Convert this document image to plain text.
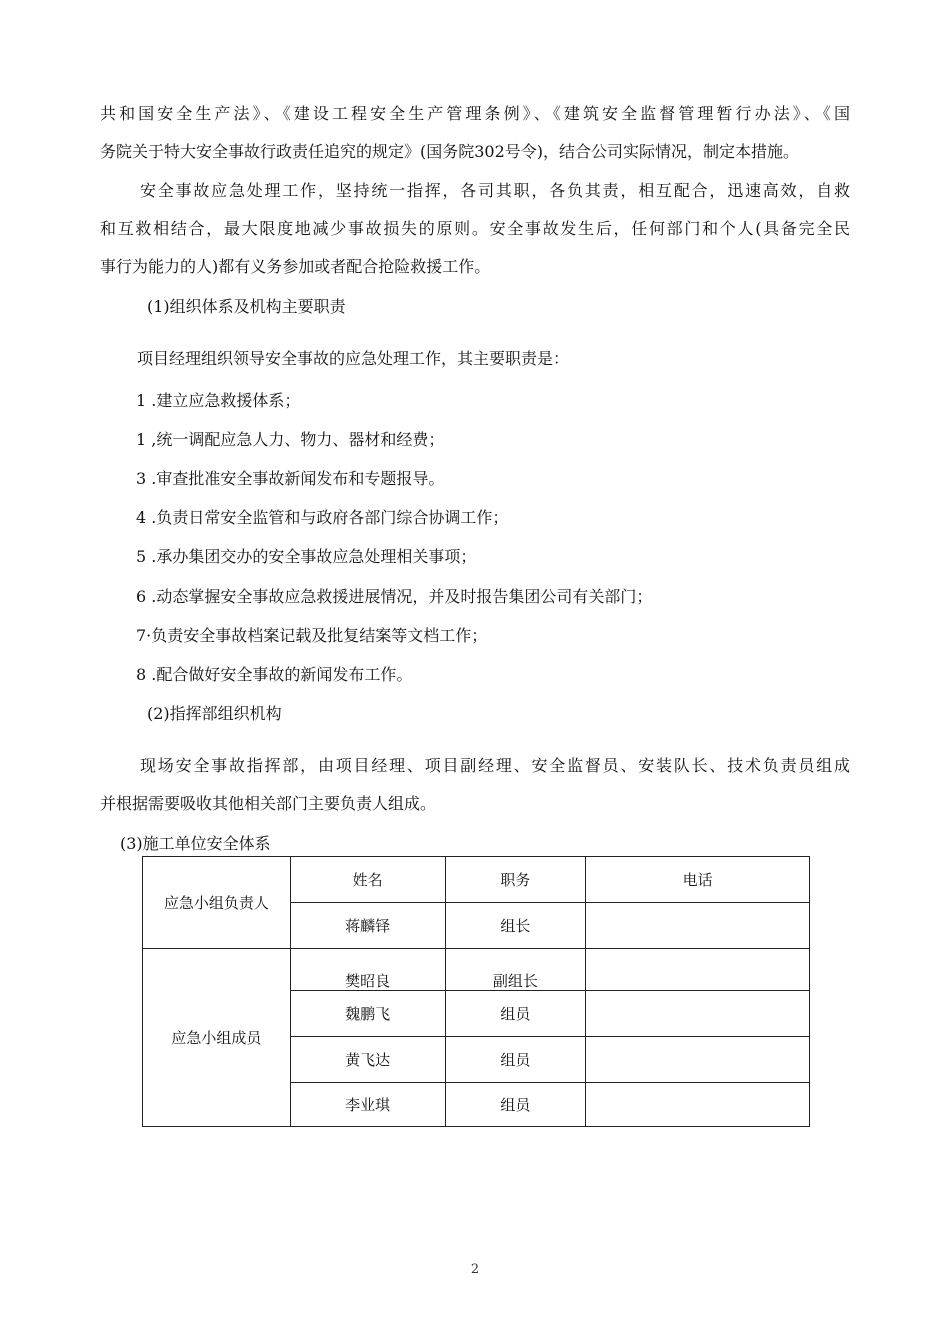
共和国安全生产法》、《建设工程安全生产管理条例》、《建筑安全监督管理暂行办法》、《国
务院关于特大安全事故行政责任追究的规定》(国务院302号令)，结合公司实际情况，制定本措施。
安全事故应急处理工作，坚持统一指挥，各司其职，各负其责，相互配合，迅速高效，自救
和互救相结合，最大限度地减少事故损失的原则。安全事故发生后，任何部门和个人(具备完全民
事行为能力的人)都有义务参加或者配合抢险救援工作。
(1)组织体系及机构主要职责
项目经理组织领导安全事故的应急处理工作，其主要职责是：
1 .建立应急救援体系；
1 ,统一调配应急人力、物力、器材和经费；
3 .审查批准安全事故新闻发布和专题报导。
4 .负责日常安全监管和与政府各部门综合协调工作；
5 .承办集团交办的安全事故应急处理相关事项；
6 .动态掌握安全事故应急救援进展情况，并及时报告集团公司有关部门；
7·负责安全事故档案记载及批复结案等文档工作；
8 .配合做好安全事故的新闻发布工作。
(2)指挥部组织机构
现场安全事故指挥部，由项目经理、项目副经理、安全监督员、安装队长、技术负责员组成
并根据需要吸收其他相关部门主要负责人组成。
(3)施工单位安全体系
应急小组负责人	姓名	职务	电话
	蒋麟铎	组长	
应急小组成员	樊昭良	副组长	
	魏鹏飞	组员	
	黄飞达	组员	
	李业琪	组员	
2
